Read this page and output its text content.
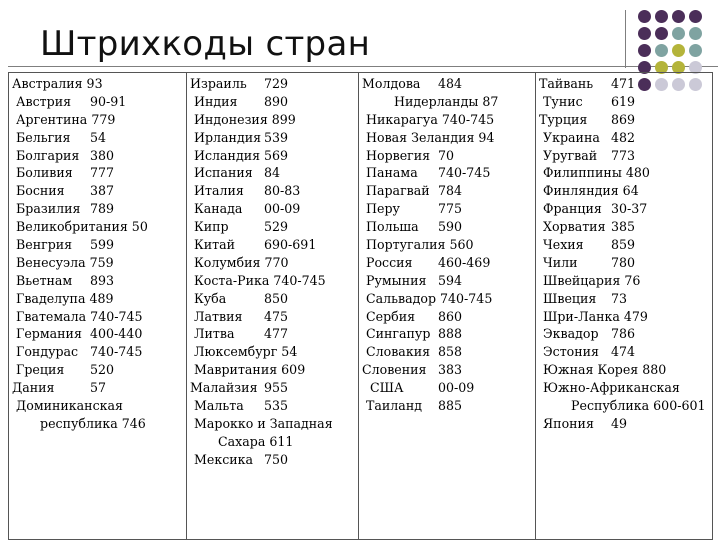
Штрихкоды стран
Австралия 93
Австрия 90-91
Аргентина 779
Бельгия 54
Болгария 380
Боливия 777
Босния 387
Бразилия 789
Великобритания 50
Венгрия 599
Венесуэла 759
Вьетнам 893
Гваделупа 489
Гватемала 740-745
Германия 400-440
Гондурас 740-745
Греция 520
Дания	57
Доминиканская
республика 746

Израиль 729
Индия 890
Индонезия 899
Ирландия 539
Исландия 569
Испания 84
Италия 80-83
Канада 00-09
Кипр	529
Китай 690-691
Колумбия 770
Коста-Рика 740-745
Куба	850
Латвия 475
Литва 477
Люксембург 54
Мавритания 609
Малайзия 955
Мальта 535
Марокко и Западная
Сахара 611
Мексика 750

Молдова 484
Нидерланды 87
Никарагуа 740-745
Новая Зеландия 94
Норвегия 70
Панама 740-745
Парагвай 784
Перу	775
Польша 590
Португалия 560
Россия 460-469
Румыния 594
Сальвадор 740-745
Сербия 860
Сингапур 888
Словакия 858
Словения 383
США	00-09
Таиланд 885

Тайвань 471
Тунис 619
Турция 869
Украина 482
Уругвай 773
Филиппины 480
Финляндия 64
Франция 30-37
Хорватия 385
Чехия 859
Чили	780
Швейцария 76
Швеция 73
Шри-Ланка 479
Эквадор 786
Эстония 474
Южная Корея 880
Южно-Африканская
Республика 600-601
Япония 49
